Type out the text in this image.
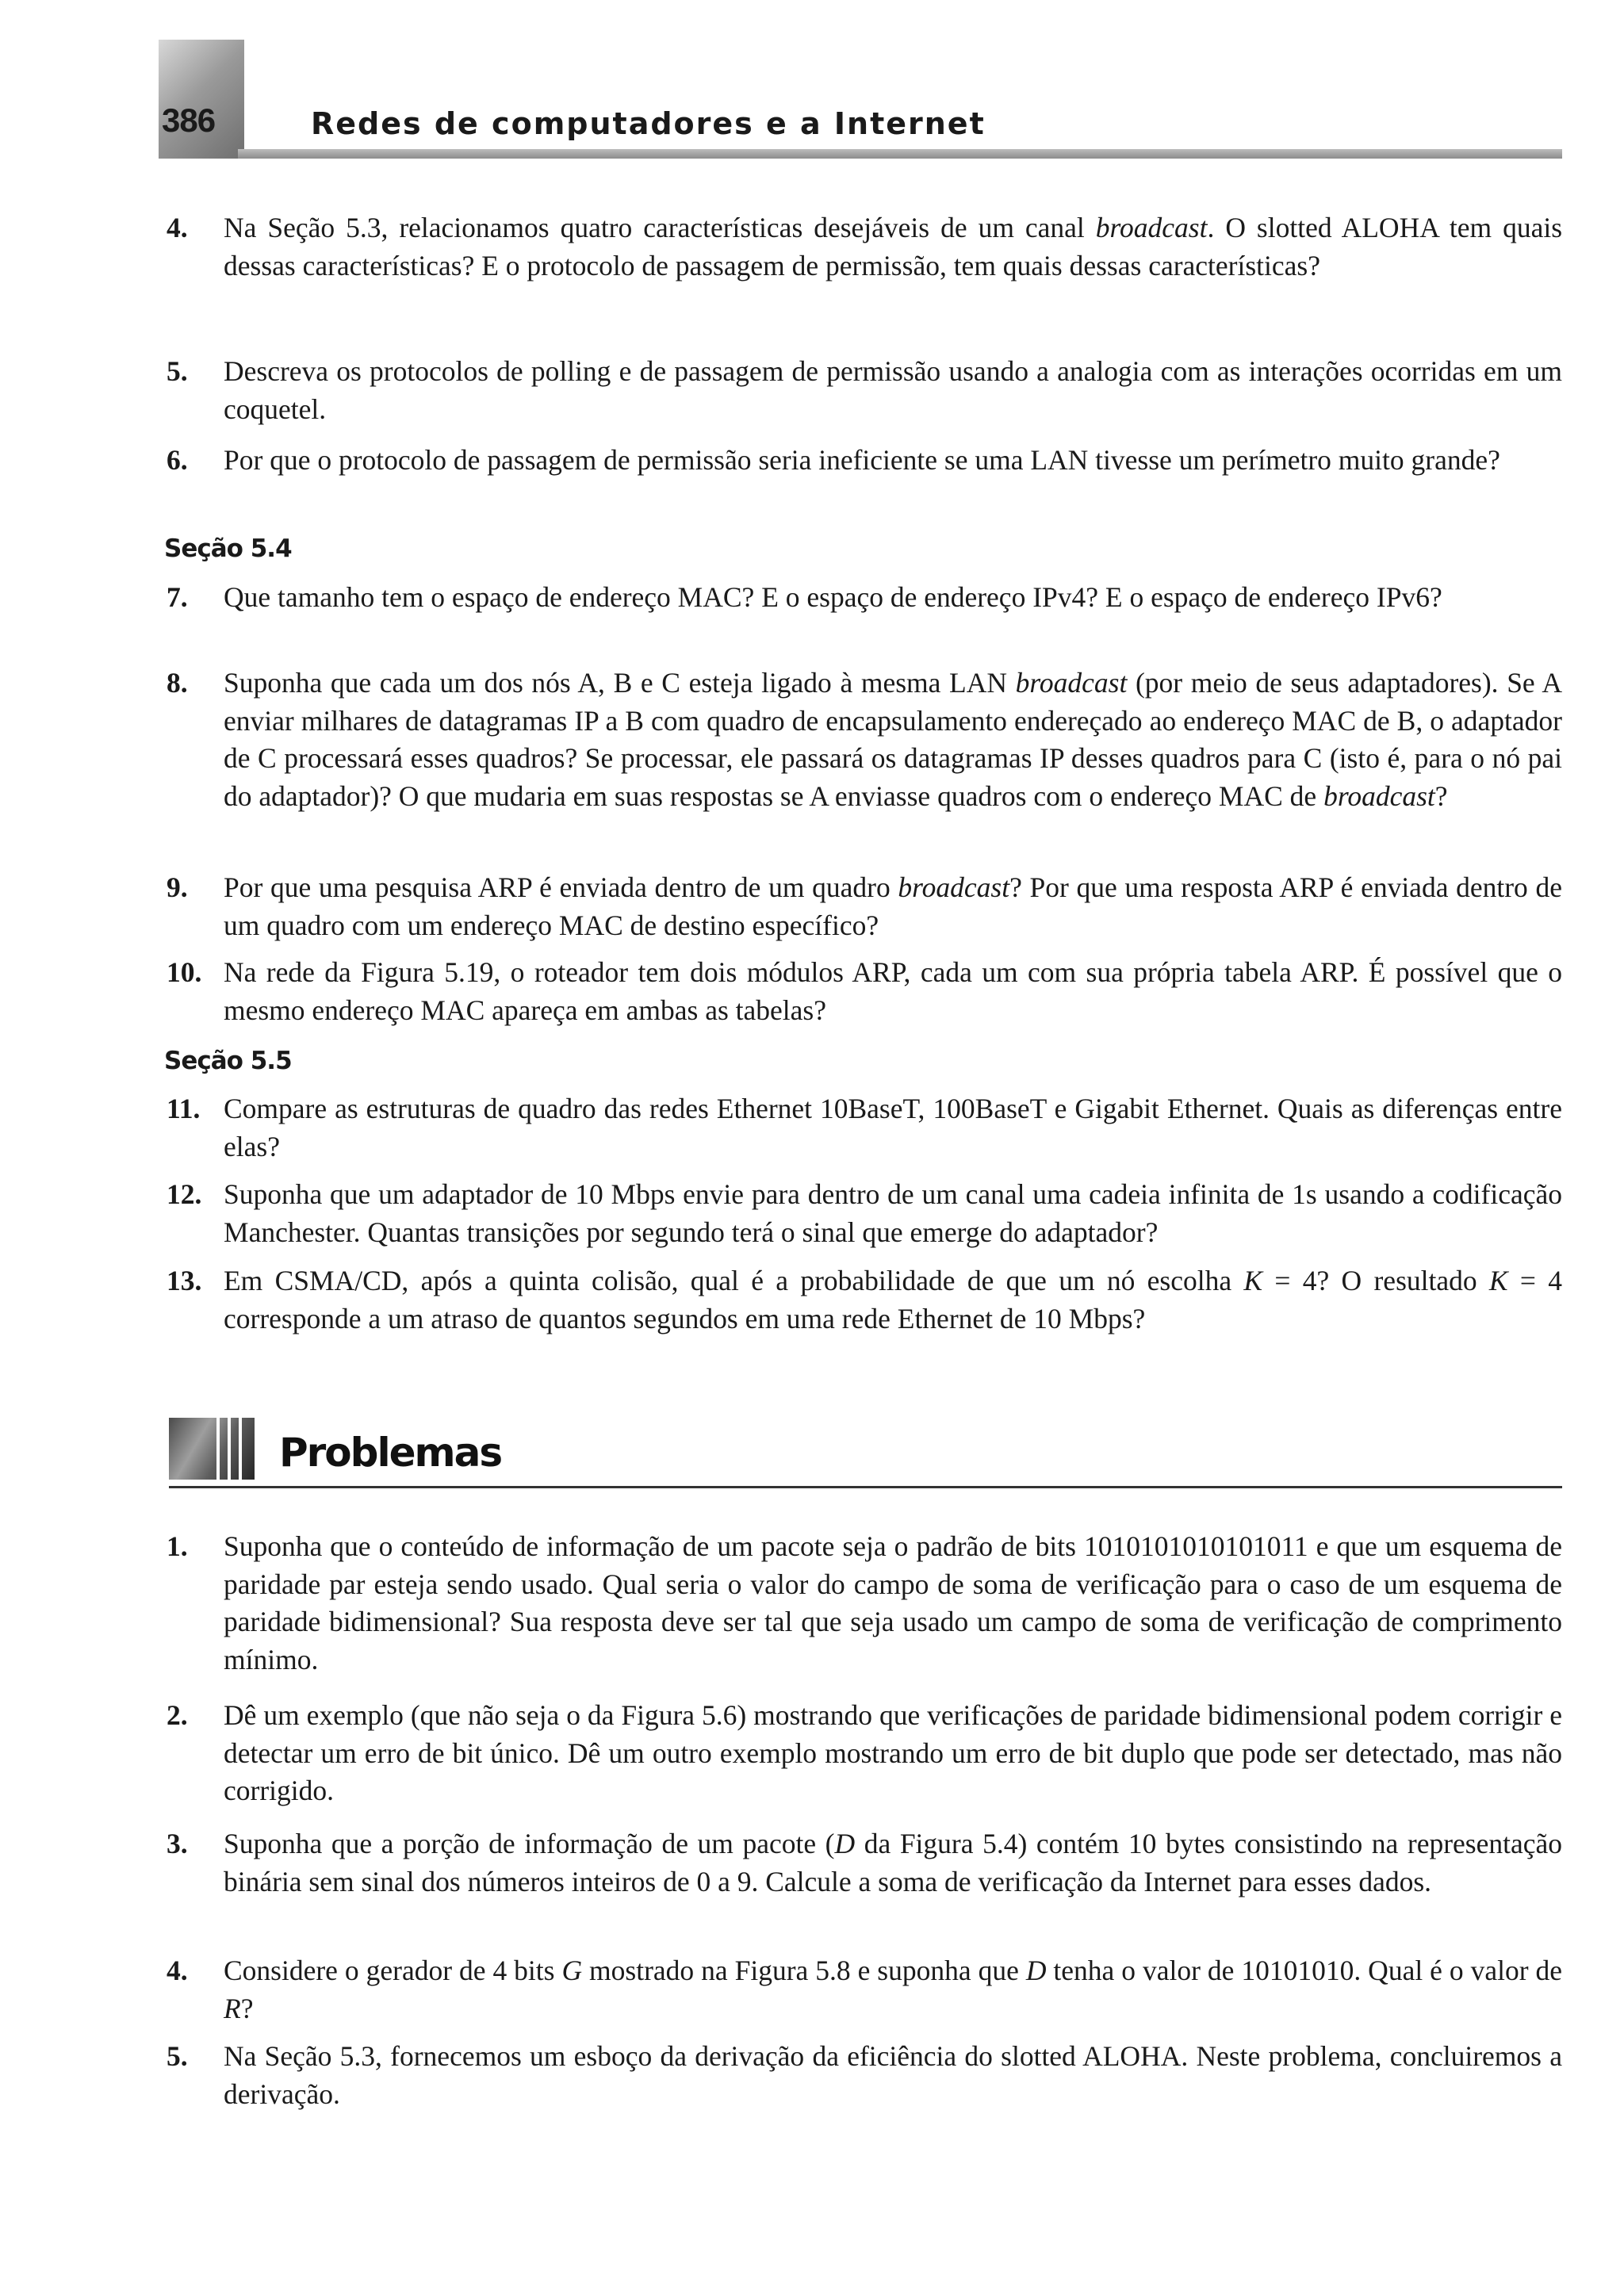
386	Redes de computadores e a Internet
4.	Na Seção 5.3, relacionamos quatro características desejáveis de um canal broadcast. O slotted ALOHA tem quais dessas características? E o protocolo de passagem de permissão, tem quais dessas características?
5.	Descreva os protocolos de polling e de passagem de permissão usando a analogia com as interações ocorridas em um coquetel.
6.	Por que o protocolo de passagem de permissão seria ineficiente se uma LAN tivesse um perímetro muito grande?
Seção 5.4
7.	Que tamanho tem o espaço de endereço MAC? E o espaço de endereço IPv4? E o espaço de endereço IPv6?
8.	Suponha que cada um dos nós A, B e C esteja ligado à mesma LAN broadcast (por meio de seus adaptadores). Se A enviar milhares de datagramas IP a B com quadro de encapsulamento endereçado ao endereço MAC de B, o adaptador de C processará esses quadros? Se processar, ele passará os datagramas IP desses quadros para C (isto é, para o nó pai do adaptador)? O que mudaria em suas respostas se A enviasse quadros com o endereço MAC de broadcast?
9.	Por que uma pesquisa ARP é enviada dentro de um quadro broadcast? Por que uma resposta ARP é enviada dentro de um quadro com um endereço MAC de destino específico?
10. Na rede da Figura 5.19, o roteador tem dois módulos ARP, cada um com sua própria tabela ARP. É possível que o mesmo endereço MAC apareça em ambas as tabelas?
Seção 5.5
11. Compare as estruturas de quadro das redes Ethernet 10BaseT, 100BaseT e Gigabit Ethernet. Quais as diferenças entre elas?
12. Suponha que um adaptador de 10 Mbps envie para dentro de um canal uma cadeia infinita de 1s usando a codificação Manchester. Quantas transições por segundo terá o sinal que emerge do adaptador?
13. Em CSMA/CD, após a quinta colisão, qual é a probabilidade de que um nó escolha K = 4? O resultado K = 4 corresponde a um atraso de quantos segundos em uma rede Ethernet de 10 Mbps?
Problemas
1.	Suponha que o conteúdo de informação de um pacote seja o padrão de bits 1010101010101011 e que um esquema de paridade par esteja sendo usado. Qual seria o valor do campo de soma de verificação para o caso de um esquema de paridade bidimensional? Sua resposta deve ser tal que seja usado um campo de soma de verificação de comprimento mínimo.
2.	Dê um exemplo (que não seja o da Figura 5.6) mostrando que verificações de paridade bidimensional podem corrigir e detectar um erro de bit único. Dê um outro exemplo mostrando um erro de bit duplo que pode ser detectado, mas não corrigido.
3.	Suponha que a porção de informação de um pacote (D da Figura 5.4) contém 10 bytes consistindo na representação binária sem sinal dos números inteiros de 0 a 9. Calcule a soma de verificação da Internet para esses dados.
4.	Considere o gerador de 4 bits G mostrado na Figura 5.8 e suponha que D tenha o valor de 10101010. Qual é o valor de R?
5.	Na Seção 5.3, fornecemos um esboço da derivação da eficiência do slotted ALOHA. Neste problema, concluiremos a derivação.
